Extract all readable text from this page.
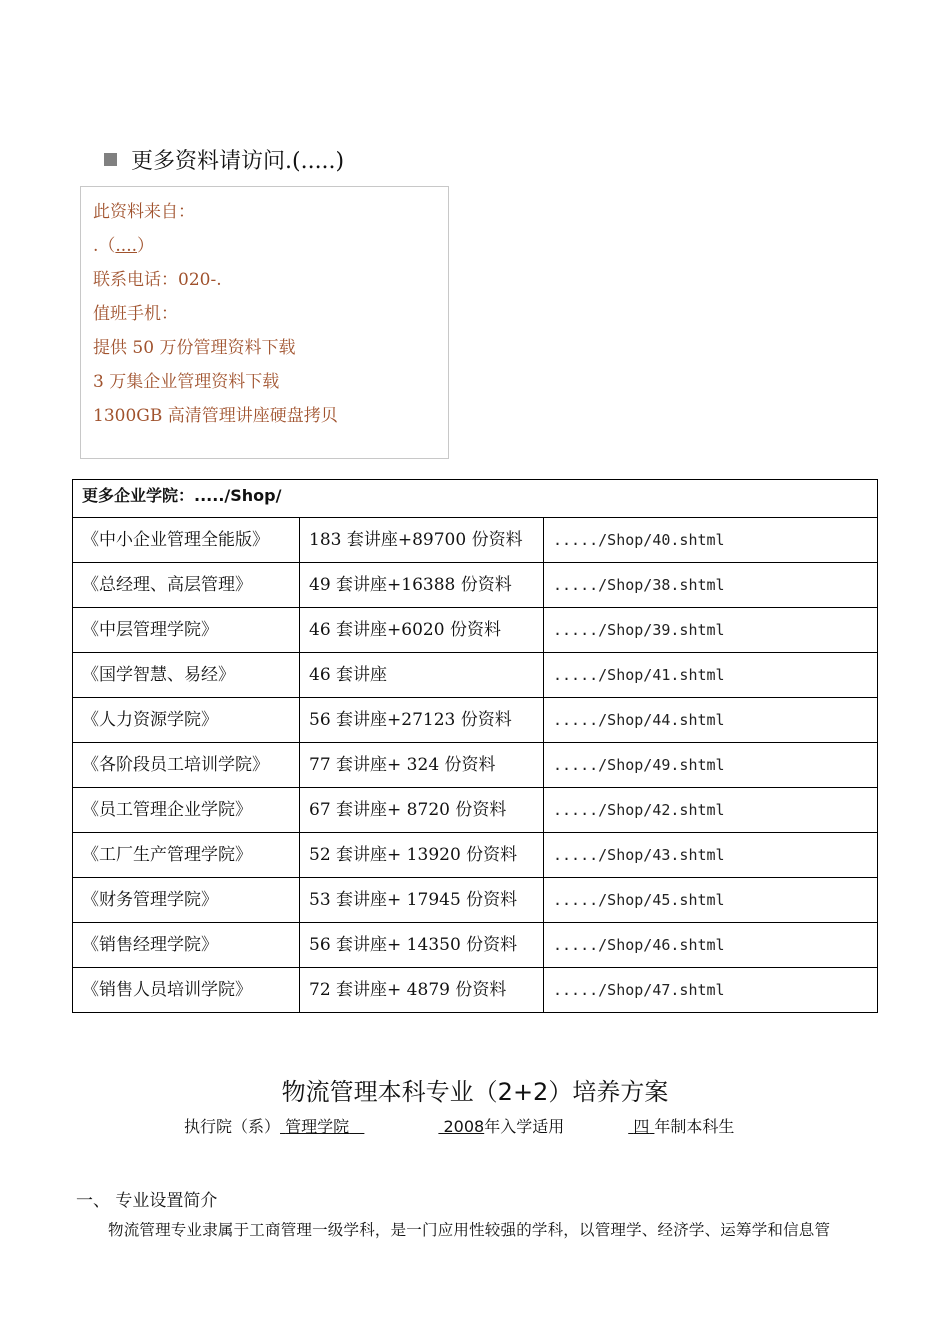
更多资料请访问.(.....)
此资料来自：
.（....）
联系电话：020-.
值班手机：
提供 50 万份管理资料下载
3 万集企业管理资料下载
1300GB 高清管理讲座硬盘拷贝
更多企业学院：...../Shop/		
《中小企业管理全能版》	183 套讲座+89700 份资料	...../Shop/40.shtml
《总经理、高层管理》	49 套讲座+16388 份资料	...../Shop/38.shtml
《中层管理学院》	46 套讲座+6020 份资料	...../Shop/39.shtml
《国学智慧、易经》	46 套讲座	...../Shop/41.shtml
《人力资源学院》	56 套讲座+27123 份资料	...../Shop/44.shtml
《各阶段员工培训学院》	77 套讲座+ 324 份资料	...../Shop/49.shtml
《员工管理企业学院》	67 套讲座+ 8720 份资料	...../Shop/42.shtml
《工厂生产管理学院》	52 套讲座+ 13920 份资料	...../Shop/43.shtml
《财务管理学院》	53 套讲座+ 17945 份资料	...../Shop/45.shtml
《销售经理学院》	56 套讲座+ 14350 份资料	...../Shop/46.shtml
《销售人员培训学院》	72 套讲座+ 4879 份资料	...../Shop/47.shtml
物流管理本科专业（2+2）培养方案
执行院（系） 管理学院	2008年入学适用	四 年制本科生
一、 专业设置简介
物流管理专业隶属于工商管理一级学科，是一门应用性较强的学科，以管理学、经济学、运筹学和信息管
